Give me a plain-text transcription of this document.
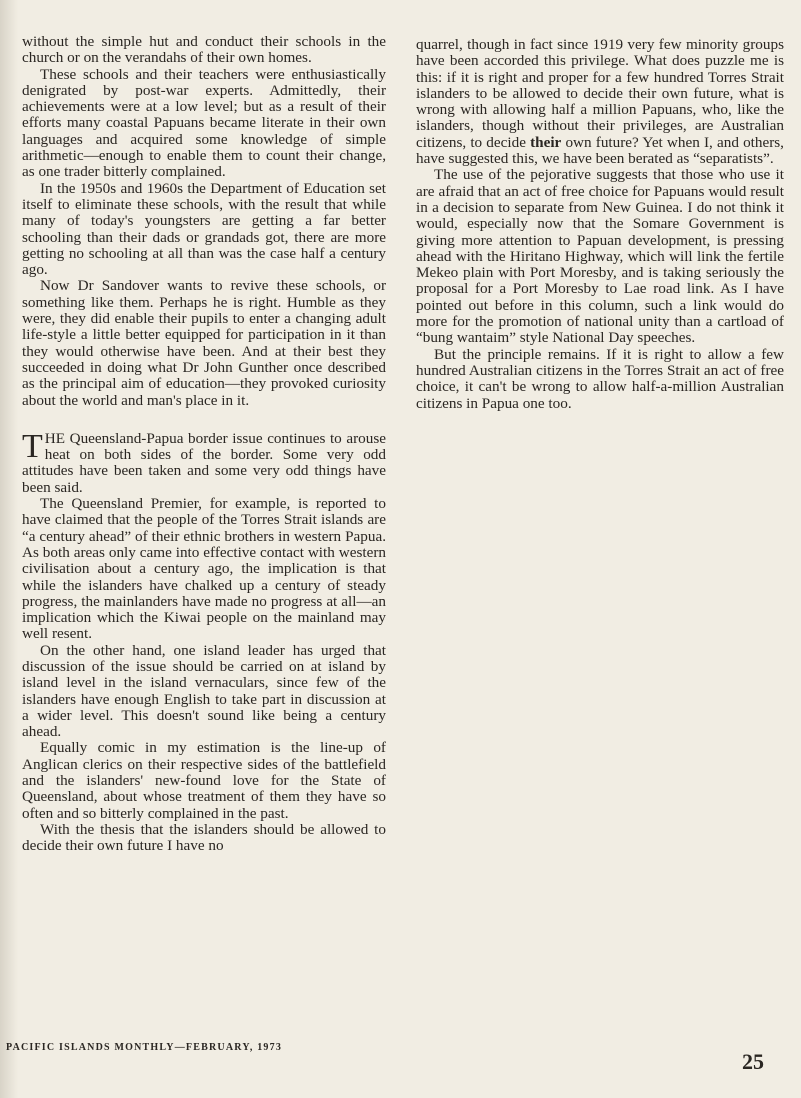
without the simple hut and conduct their schools in the church or on the verandahs of their own homes.

These schools and their teachers were enthusiastically denigrated by post-war experts. Admittedly, their achievements were at a low level; but as a result of their efforts many coastal Papuans became literate in their own languages and acquired some knowledge of simple arithmetic—enough to enable them to count their change, as one trader bitterly complained.

In the 1950s and 1960s the Department of Education set itself to eliminate these schools, with the result that while many of today's youngsters are getting a far better schooling than their dads or grandads got, there are more getting no schooling at all than was the case half a century ago.

Now Dr Sandover wants to revive these schools, or something like them. Perhaps he is right. Humble as they were, they did enable their pupils to enter a changing adult life-style a little better equipped for participation in it than they would otherwise have been. And at their best they succeeded in doing what Dr John Gunther once described as the principal aim of education—they provoked curiosity about the world and man's place in it.

THE Queensland-Papua border issue continues to arouse heat on both sides of the border. Some very odd attitudes have been taken and some very odd things have been said.

The Queensland Premier, for example, is reported to have claimed that the people of the Torres Strait islands are “a century ahead” of their ethnic brothers in western Papua. As both areas only came into effective contact with western civilisation about a century ago, the implication is that while the islanders have chalked up a century of steady progress, the mainlanders have made no progress at all—an implication which the Kiwai people on the mainland may well resent.

On the other hand, one island leader has urged that discussion of the issue should be carried on at island by island level in the island vernaculars, since few of the islanders have enough English to take part in discussion at a wider level. This doesn't sound like being a century ahead.

Equally comic in my estimation is the line-up of Anglican clerics on their respective sides of the battlefield and the islanders' new-found love for the State of Queensland, about whose treatment of them they have so often and so bitterly complained in the past.

With the thesis that the islanders should be allowed to decide their own future I have no

quarrel, though in fact since 1919 very few minority groups have been accorded this privilege. What does puzzle me is this: if it is right and proper for a few hundred Torres Strait islanders to be allowed to decide their own future, what is wrong with allowing half a million Papuans, who, like the islanders, though without their privileges, are Australian citizens, to decide their own future? Yet when I, and others, have suggested this, we have been berated as “separatists”.

The use of the pejorative suggests that those who use it are afraid that an act of free choice for Papuans would result in a decision to separate from New Guinea. I do not think it would, especially now that the Somare Government is giving more attention to Papuan development, is pressing ahead with the Hiritano Highway, which will link the fertile Mekeo plain with Port Moresby, and is taking seriously the proposal for a Port Moresby to Lae road link. As I have pointed out before in this column, such a link would do more for the promotion of national unity than a cartload of “bung wantaim” style National Day speeches.

But the principle remains. If it is right to allow a few hundred Australian citizens in the Torres Strait an act of free choice, it can't be wrong to allow half-a-million Australian citizens in Papua one too.

PACIFIC ISLANDS MONTHLY—FEBRUARY, 1973
25
